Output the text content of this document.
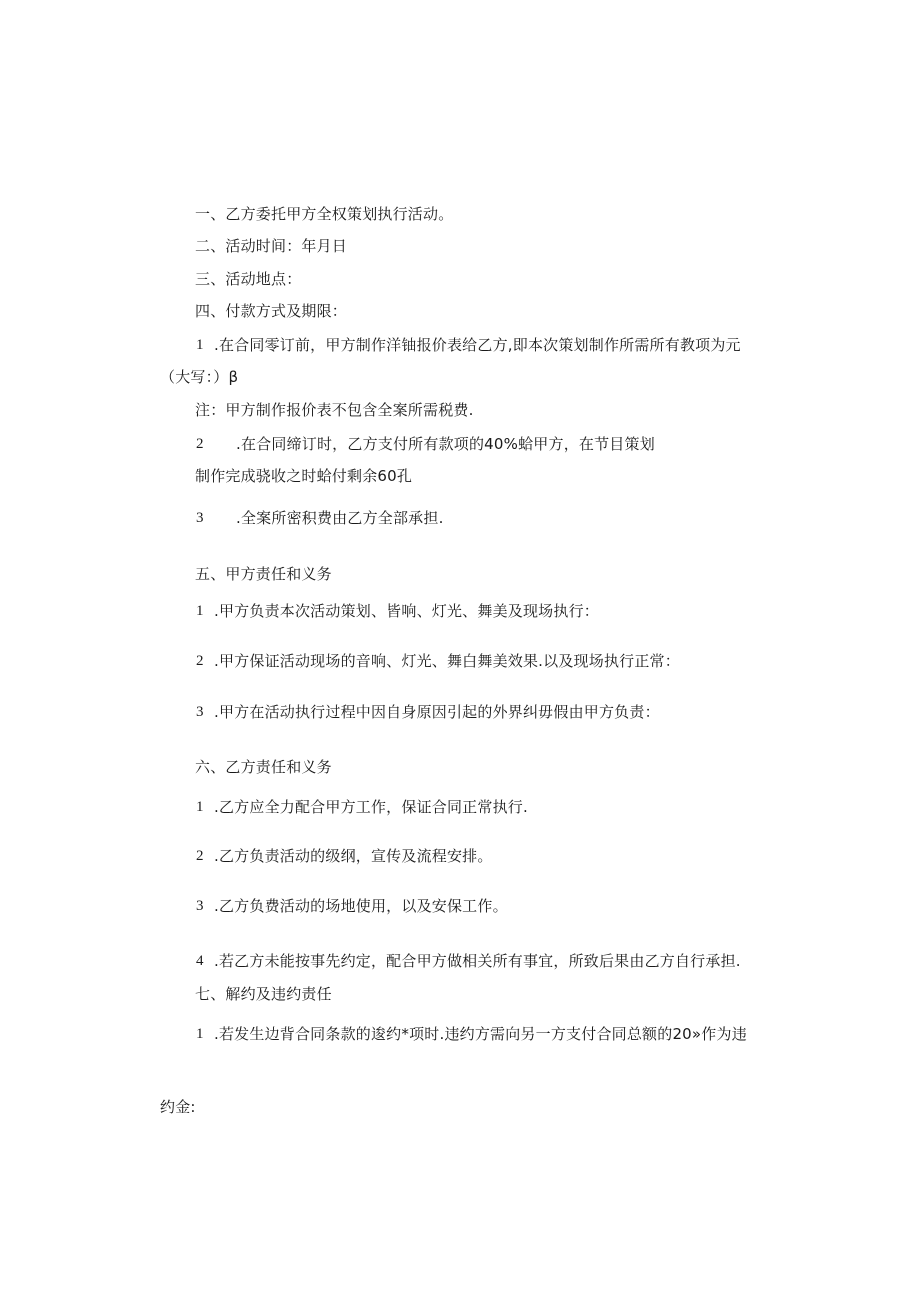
一、乙方委托甲方全权策划执行活动。
二、活动时间：年月日
三、活动地点：
四、付款方式及期限：
1 .在合同零订前，甲方制作洋铀报价表给乙方,即本次策划制作所需所有教项为元
（大写：）β
注：甲方制作报价表不包含全案所需税费.
2 .在合同缔订时，乙方支付所有款项的40%蛤甲方，在节目策划
制作完成骁收之时蛤付剩余60孔
3 .全案所密积费由乙方全部承担.
五、甲方责任和义务
1 .甲方负责本次活动策划、皆响、灯光、舞美及现场执行：
2 .甲方保证活动现场的音响、灯光、舞白舞美效果.以及现场执行正常：
3 .甲方在活动执行过程中因自身原因引起的外界纠毋假由甲方负责：
六、乙方责任和义务
1 .乙方应全力配合甲方工作，保证合同正常执行.
2 .乙方负责活动的级纲，宣传及流程安排。
3 .乙方负费活动的场地使用，以及安保工作。
4 .若乙方未能按事先约定，配合甲方做相关所有事宜，所致后果由乙方自行承担.
七、解约及违约责任
1 .若发生边背合同条款的逡约*项时.违约方需向另一方支付合同总额的20»作为违
约金:
